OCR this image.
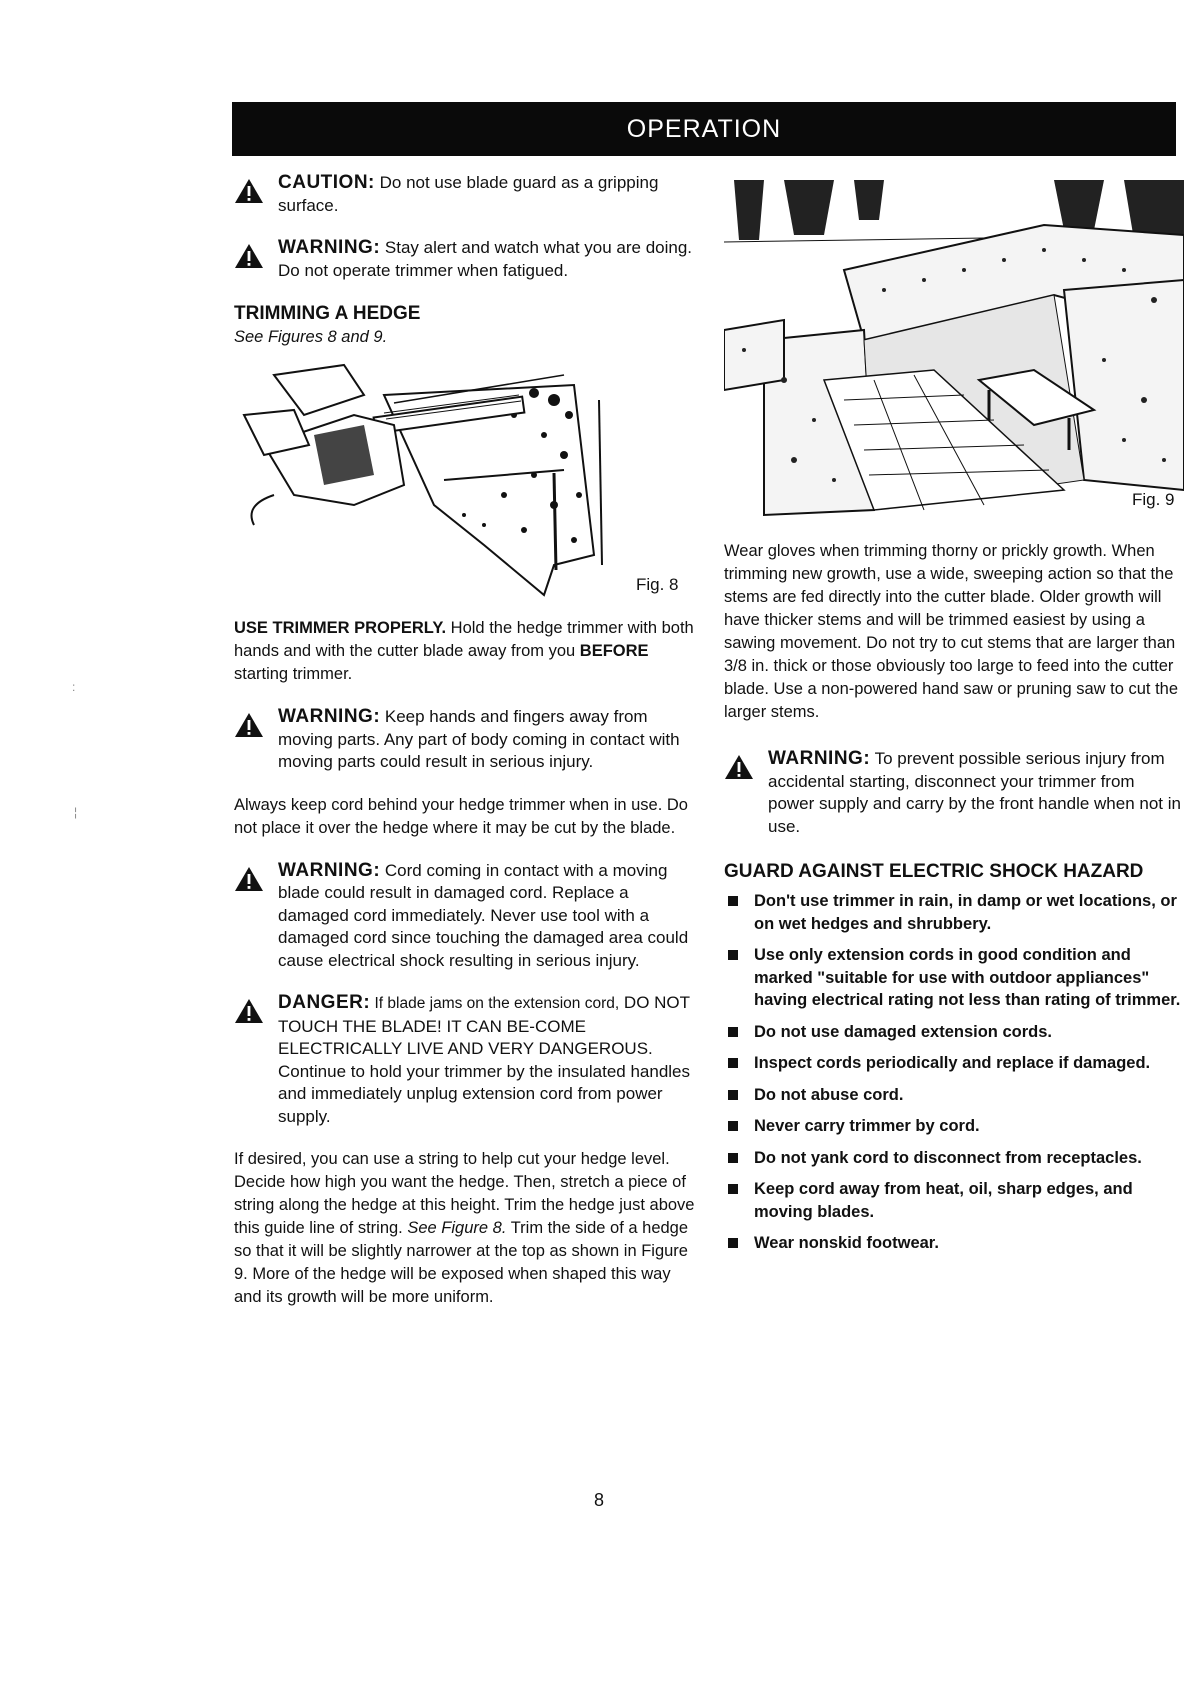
OPERATION
:
¦
CAUTION: Do not use blade guard as a gripping surface.
WARNING: Stay alert and watch what you are doing. Do not operate trimmer when fatigued.
TRIMMING A HEDGE
See Figures 8 and 9.
Fig. 8
USE TRIMMER PROPERLY. Hold the hedge trimmer with both hands and with the cutter blade away from you BEFORE starting trimmer.
WARNING: Keep hands and fingers away from moving parts. Any part of body coming in contact with moving parts could result in serious injury.
Always keep cord behind your hedge trimmer when in use. Do not place it over the hedge where it may be cut by the blade.
WARNING: Cord coming in contact with a moving blade could result in damaged cord. Replace a damaged cord immediately. Never use tool with a damaged cord since touching the damaged area could cause electrical shock resulting in serious injury.
DANGER: If blade jams on the extension cord, DO NOT TOUCH THE BLADE! IT CAN BE-COME ELECTRICALLY LIVE AND VERY DANGEROUS. Continue to hold your trimmer by the insulated handles and immediately unplug extension cord from power supply.
If desired, you can use a string to help cut your hedge level. Decide how high you want the hedge. Then, stretch a piece of string along the hedge at this height. Trim the hedge just above this guide line of string. See Figure 8. Trim the side of a hedge so that it will be slightly narrower at the top as shown in Figure 9. More of the hedge will be exposed when shaped this way and its growth will be more uniform.
Fig. 9
Wear gloves when trimming thorny or prickly growth. When trimming new growth, use a wide, sweeping action so that the stems are fed directly into the cutter blade. Older growth will have thicker stems and will be trimmed easiest by using a sawing movement. Do not try to cut stems that are larger than 3/8 in. thick or those obviously too large to feed into the cutter blade. Use a non-powered hand saw or pruning saw to cut the larger stems.
WARNING: To prevent possible serious injury from accidental starting, disconnect your trimmer from power supply and carry by the front handle when not in use.
GUARD AGAINST ELECTRIC SHOCK HAZARD
Don't use trimmer in rain, in damp or wet locations, or on wet hedges and shrubbery.
Use only extension cords in good condition and marked "suitable for use with outdoor appliances" having electrical rating not less than rating of trimmer.
Do not use damaged extension cords.
Inspect cords periodically and replace if damaged.
Do not abuse cord.
Never carry trimmer by cord.
Do not yank cord to disconnect from receptacles.
Keep cord away from heat, oil, sharp edges, and moving blades.
Wear nonskid footwear.
8
